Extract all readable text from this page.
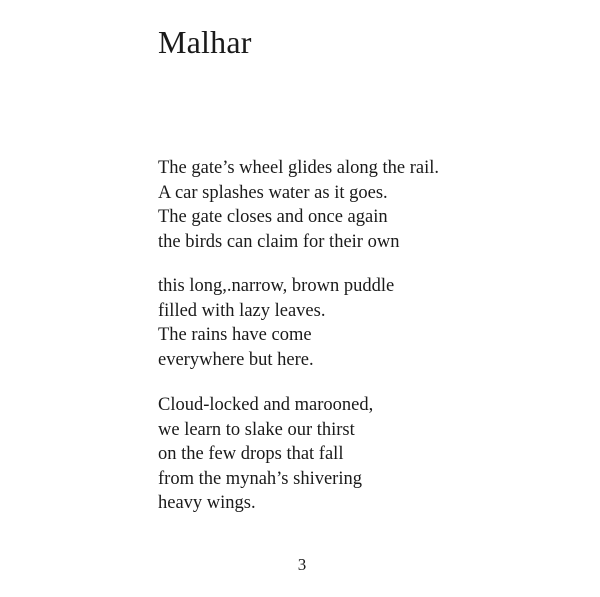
Malhar
The gate’s wheel glides along the rail.
A car splashes water as it goes.
The gate closes and once again
the birds can claim for their own
this long,.narrow, brown puddle
filled with lazy leaves.
The rains have come
everywhere but here.
Cloud-locked and marooned,
we learn to slake our thirst
on the few drops that fall
from the mynah’s shivering
heavy wings.
3
